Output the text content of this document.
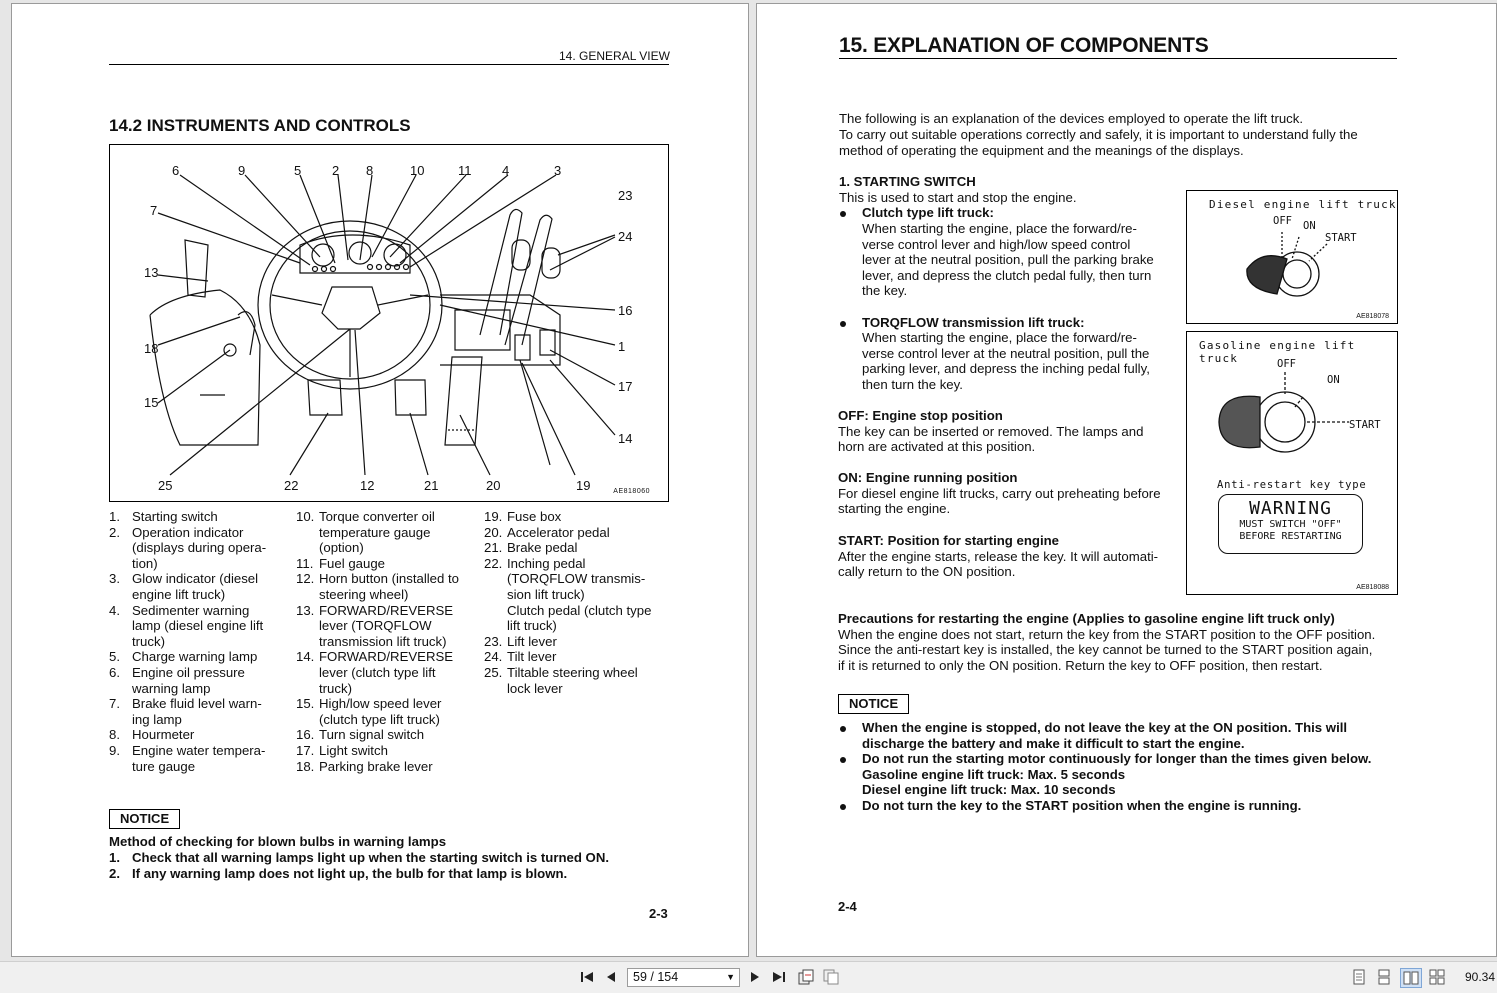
14. GENERAL VIEW
14.2 INSTRUMENTS AND CONTROLS
6	9	5 2 8	10	11 4	3
7
23
24
13
16
18	1
15
17
14
25	22	12	21	20	19	AE818060
1. Starting switch
2. Operation indicator
(displays during opera-
tion)
3. Glow indicator (diesel
engine lift truck)
4. Sedimenter warning
lamp (diesel engine lift
truck)
5. Charge warning lamp
6. Engine oil pressure
warning lamp
7. Brake fluid level warn-
ing lamp
8. Hourmeter
9. Engine water tempera-
ture gauge
10. Torque converter oil
temperature gauge
(option)
11. Fuel gauge
12. Horn button (installed to
steering wheel)
13. FORWARD/REVERSE
lever (TORQFLOW
transmission lift truck)
14. FORWARD/REVERSE
lever (clutch type lift
truck)
15. High/low speed lever
(clutch type lift truck)
16. Turn signal switch
17. Light switch
18. Parking brake lever
19. Fuse box
20. Accelerator pedal
21. Brake pedal
22. Inching pedal
(TORQFLOW transmis-
sion lift truck)
Clutch pedal (clutch type
lift truck)
23. Lift lever
24. Tilt lever
25. Tiltable steering wheel
lock lever
NOTICE
Method of checking for blown bulbs in warning lamps
1. Check that all warning lamps light up when the starting switch is turned ON.
2. If any warning lamp does not light up, the bulb for that lamp is blown.
2-3
15. EXPLANATION OF COMPONENTS
The following is an explanation of the devices employed to operate the lift truck.
To carry out suitable operations correctly and safely, it is important to understand fully the
method of operating the equipment and the meanings of the displays.
1. STARTING SWITCH
This is used to start and stop the engine.
Clutch type lift truck:
When starting the engine, place the forward/re-
verse control lever and high/low speed control
lever at the neutral position, pull the parking brake
lever, and depress the clutch pedal fully, then turn
the key.
TORQFLOW transmission lift truck:
When starting the engine, place the forward/re-
verse control lever at the neutral position, pull the
parking lever, and depress the inching pedal fully,
then turn the key.
OFF: Engine stop position
The key can be inserted or removed. The lamps and
horn are activated at this position.
ON: Engine running position
For diesel engine lift trucks, carry out preheating before
starting the engine.
START: Position for starting engine
After the engine starts, release the key. It will automati-
cally return to the ON position.
Diesel engine lift truck
OFF ON
START
AE818078
Gasoline engine lift truck	OFF
ON
START
Anti-restart key type
WARNING
MUST SWITCH "OFF"
BEFORE RESTARTING
AE818088
Precautions for restarting the engine (Applies to gasoline engine lift truck only)
When the engine does not start, return the key from the START position to the OFF position.
Since the anti-restart key is installed, the key cannot be turned to the START position again,
if it is returned to only the ON position. Return the key to OFF position, then restart.
NOTICE
When the engine is stopped, do not leave the key at the ON position. This will
discharge the battery and make it difficult to start the engine.
Do not run the starting motor continuously for longer than the times given below.
Gasoline engine lift truck: Max. 5 seconds
Diesel engine lift truck: Max. 10 seconds
Do not turn the key to the START position when the engine is running.
2-4
59 / 154	▼	90.34
